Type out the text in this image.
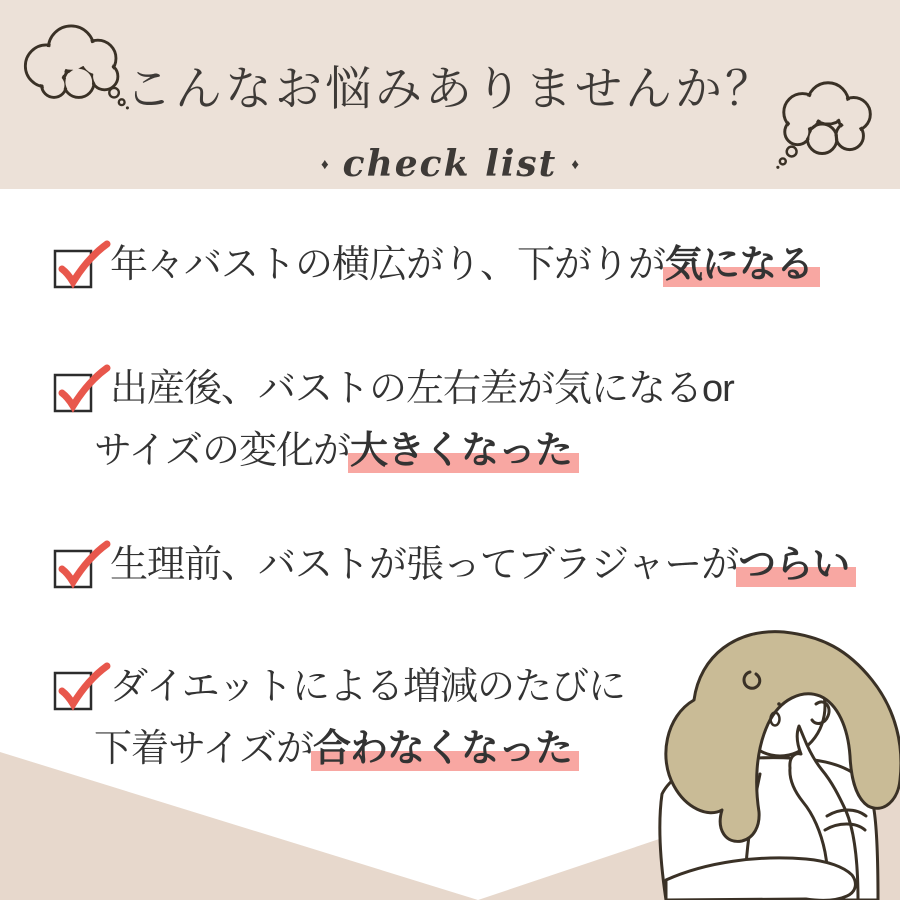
こんなお悩みありませんか？
♦ check list ♦
年々バストの横広がり、下がりが気になる
出産後、バストの左右差が気になるor
サイズの変化が大きくなった
生理前、バストが張ってブラジャーがつらい
ダイエットによる増減のたびに
下着サイズが合わなくなった
